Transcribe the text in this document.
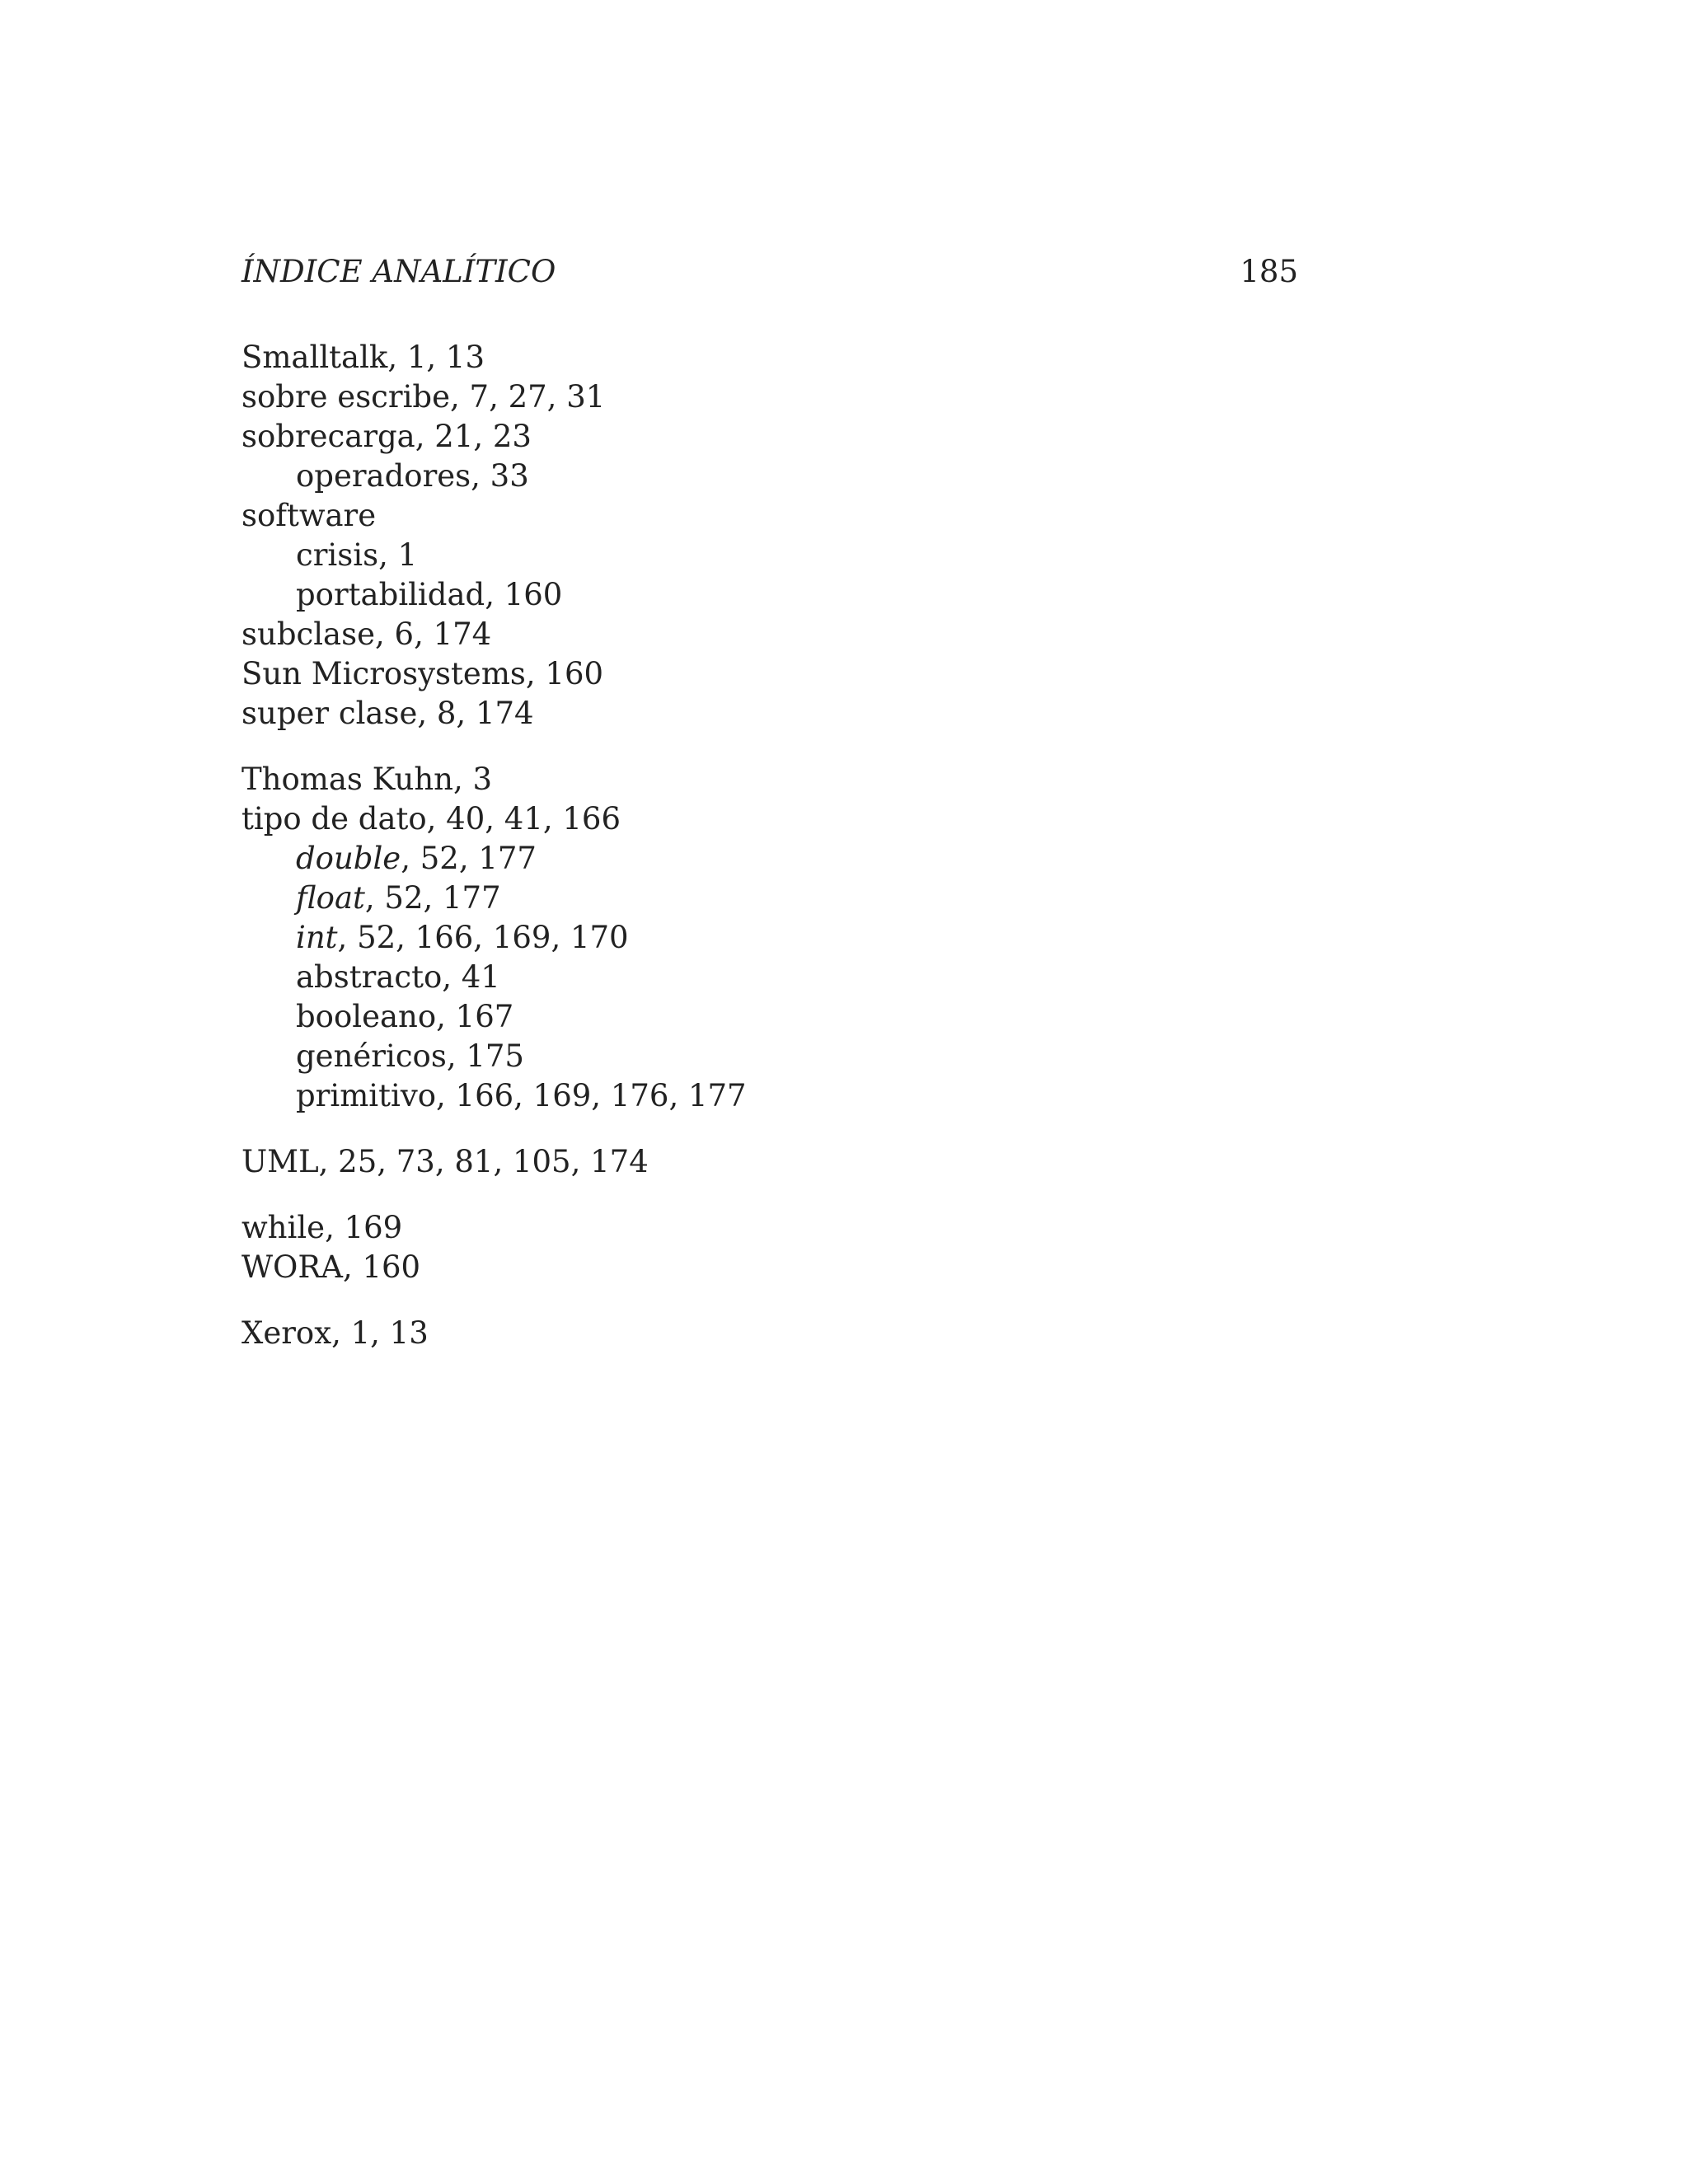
ÍNDICE ANALÍTICO	185
Smalltalk, 1, 13
sobre escribe, 7, 27, 31
sobrecarga, 21, 23
operadores, 33
software
crisis, 1
portabilidad, 160
subclase, 6, 174
Sun Microsystems, 160
super clase, 8, 174
Thomas Kuhn, 3
tipo de dato, 40, 41, 166
double, 52, 177
float, 52, 177
int, 52, 166, 169, 170
abstracto, 41
booleano, 167
genéricos, 175
primitivo, 166, 169, 176, 177
UML, 25, 73, 81, 105, 174
while, 169
WORA, 160
Xerox, 1, 13
